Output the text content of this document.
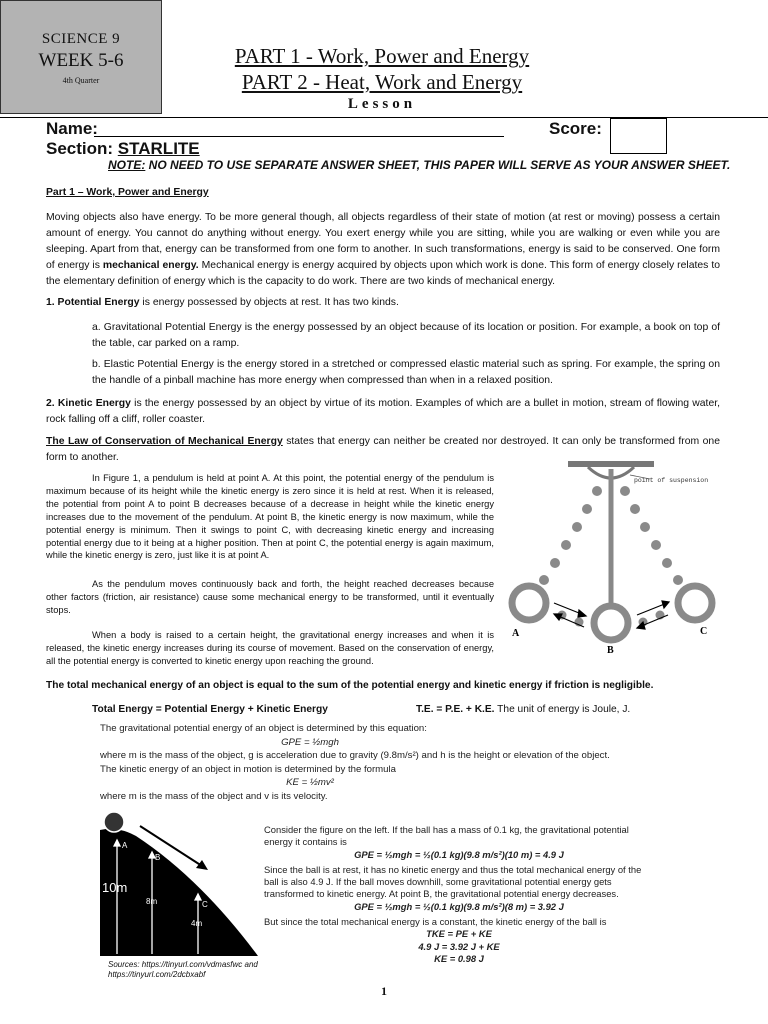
SCIENCE 9
WEEK 5-6
4th Quarter
PART 1 - Work, Power and Energy
PART 2 - Heat, Work and Energy
Lesson
Name:	Score:
Section: STARLITE
NOTE: NO NEED TO USE SEPARATE ANSWER SHEET, THIS PAPER WILL SERVE AS YOUR ANSWER SHEET.
Part 1 – Work, Power and Energy

Moving objects also have energy. To be more general though, all objects regardless of their state of motion (at rest or moving) possess a certain amount of energy. You cannot do anything without energy. You exert energy while you are sitting, while you are walking or even while you are sleeping. Apart from that, energy can be transformed from one form to another. In such transformations, energy is said to be conserved. One form of energy is mechanical energy. Mechanical energy is energy acquired by objects upon which work is done. This form of energy closely relates to the elementary definition of energy which is the capacity to do work. There are two kinds of mechanical energy.

1. Potential Energy is energy possessed by objects at rest. It has two kinds.

a. Gravitational Potential Energy is the energy possessed by an object because of its location or position. For example, a book on top of the table, car parked on a ramp.

b. Elastic Potential Energy is the energy stored in a stretched or compressed elastic material such as spring. For example, the spring on the handle of a pinball machine has more energy when compressed than when in a relaxed position.

2. Kinetic Energy is the energy possessed by an object by virtue of its motion. Examples of which are a bullet in motion, stream of flowing water, rock falling off a cliff, roller coaster.

The Law of Conservation of Mechanical Energy states that energy can neither be created nor destroyed. It can only be transformed from one form to another.

In Figure 1, a pendulum is held at point A. At this point, the potential energy of the pendulum is maximum because of its height while the kinetic energy is zero since it is held at rest. When it is released, the potential from point A to point B decreases because of a decrease in height while the kinetic energy increases due to the movement of the pendulum. At point B, the kinetic energy is now maximum, while the potential energy is minimum. Then it swings to point C, with decreasing kinetic energy and increasing potential energy due to it being at a higher position. Then at point C, the potential energy is again maximum, while the kinetic energy is zero, just like it is at point A.

As the pendulum moves continuously back and forth, the height reached decreases because other factors (friction, air resistance) cause some mechanical energy to be transformed, until it eventually stops.

When a body is raised to a certain height, the gravitational energy increases and when it is released, the kinetic energy increases during its course of movement. Based on the conservation of energy, all the potential energy is converted to kinetic energy upon reaching the ground.

point of suspension
A
B
C
The total mechanical energy of an object is equal to the sum of the potential energy and kinetic energy if friction is negligible.
Total Energy = Potential Energy + Kinetic Energy	T.E. = P.E. + K.E. The unit of energy is Joule, J.
The gravitational potential energy of an object is determined by this equation:
GPE = ½mgh
where m is the mass of the object, g is acceleration due to gravity (9.8m/s²) and h is the height or elevation of the object. The kinetic energy of an object in motion is determined by the formula
KE = ½mv²
where m is the mass of the object and v is its velocity.
A
B
C
10m
8m
4m
Sources: https://tinyurl.com/vdmasfwc and
https://tinyurl.com/2dcbxabf
Consider the figure on the left. If the ball has a mass of 0.1 kg, the gravitational potential energy it contains is
GPE = ½mgh = ½(0.1 kg)(9.8 m/s²)(10 m) = 4.9 J
Since the ball is at rest, it has no kinetic energy and thus the total mechanical energy of the ball is also 4.9 J. If the ball moves downhill, some gravitational potential energy gets transformed to kinetic energy. At point B, the gravitational potential energy decreases.
GPE = ½mgh = ½(0.1 kg)(9.8 m/s²)(8 m) = 3.92 J
But since the total mechanical energy is a constant, the kinetic energy of the ball is
TKE = PE + KE
4.9 J = 3.92 J + KE
KE = 0.98 J
1
